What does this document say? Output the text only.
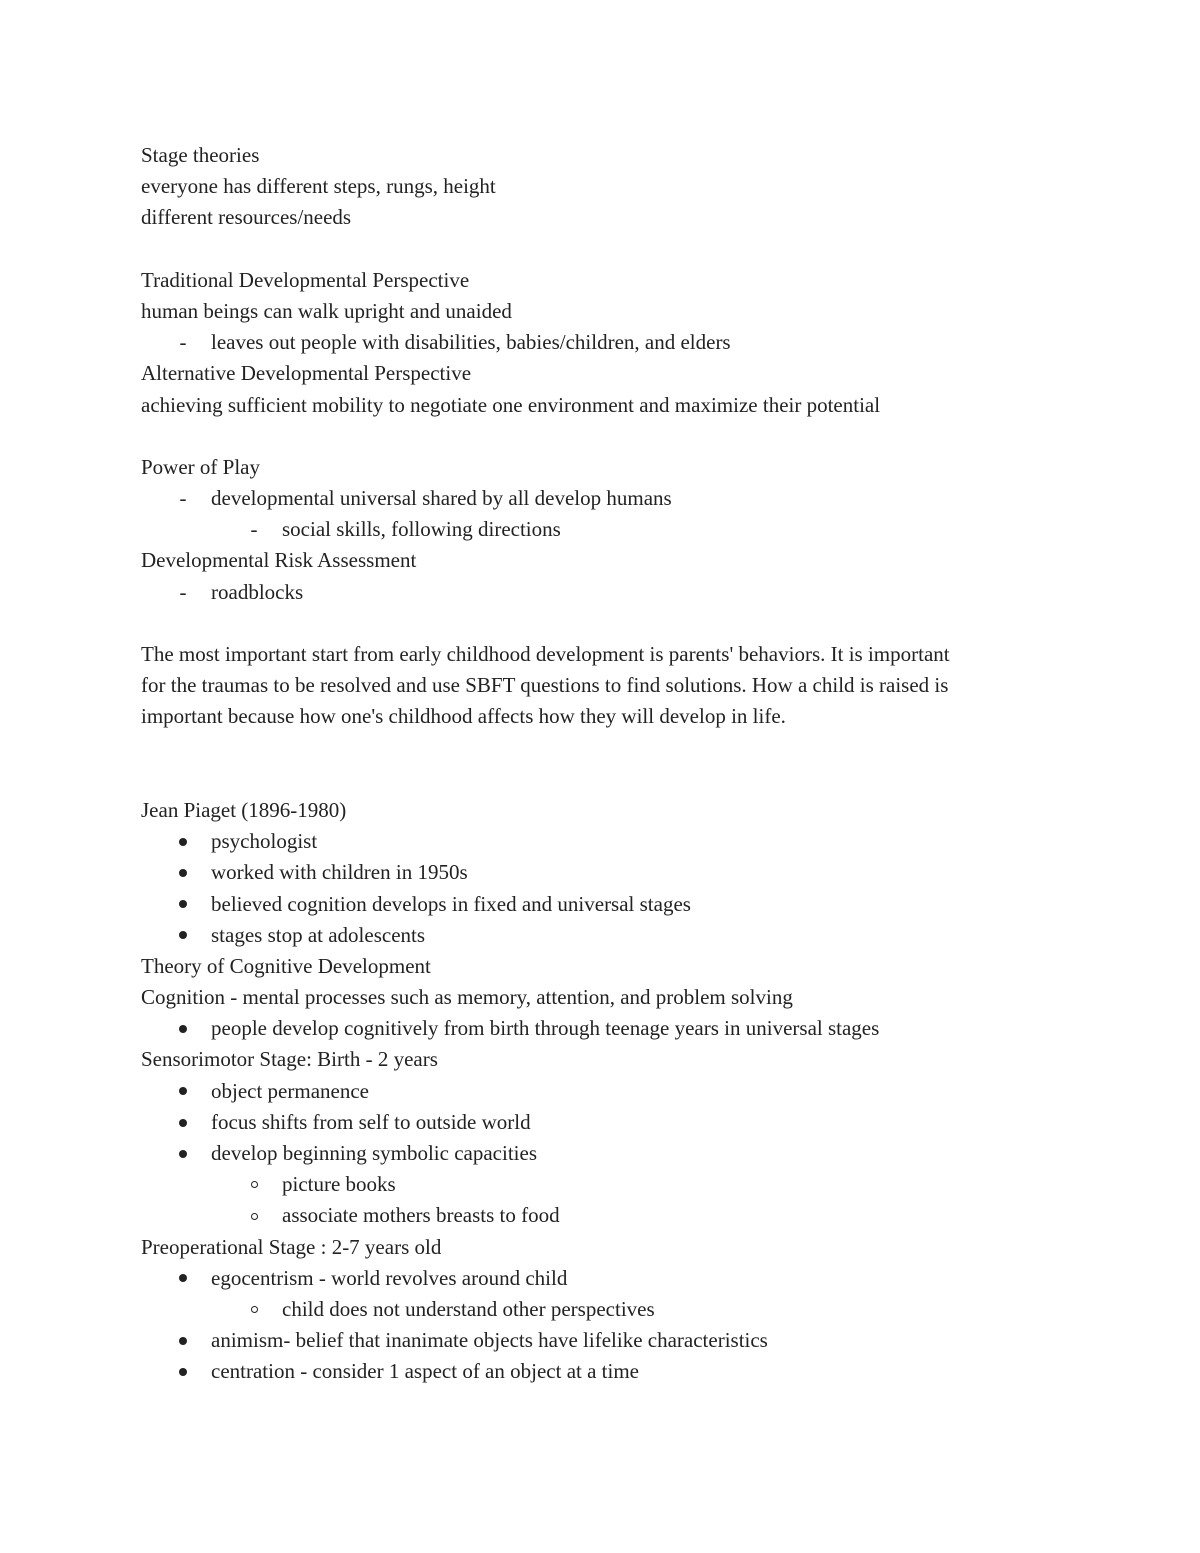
Stage theories
everyone has different steps, rungs, height
different resources/needs
Traditional Developmental Perspective
human beings can walk upright and unaided
-	leaves out people with disabilities, babies/children, and elders
Alternative Developmental Perspective
achieving sufficient mobility to negotiate one environment and maximize their potential
Power of Play
-	developmental universal shared by all develop humans
-	social skills, following directions
Developmental Risk Assessment
-	roadblocks
The most important start from early childhood development is parents' behaviors. It is important
for the traumas to be resolved and use SBFT questions to find solutions. How a child is raised is
important because how one's childhood affects how they will develop in life.
Jean Piaget (1896-1980)
psychologist
worked with children in 1950s
believed cognition develops in fixed and universal stages
stages stop at adolescents
Theory of Cognitive Development
Cognition - mental processes such as memory, attention, and problem solving
people develop cognitively from birth through teenage years in universal stages
Sensorimotor Stage: Birth - 2 years
object permanence
focus shifts from self to outside world
develop beginning symbolic capacities
picture books
associate mothers breasts to food
Preoperational Stage : 2-7 years old
egocentrism - world revolves around child
child does not understand other perspectives
animism- belief that inanimate objects have lifelike characteristics
centration - consider 1 aspect of an object at a time
